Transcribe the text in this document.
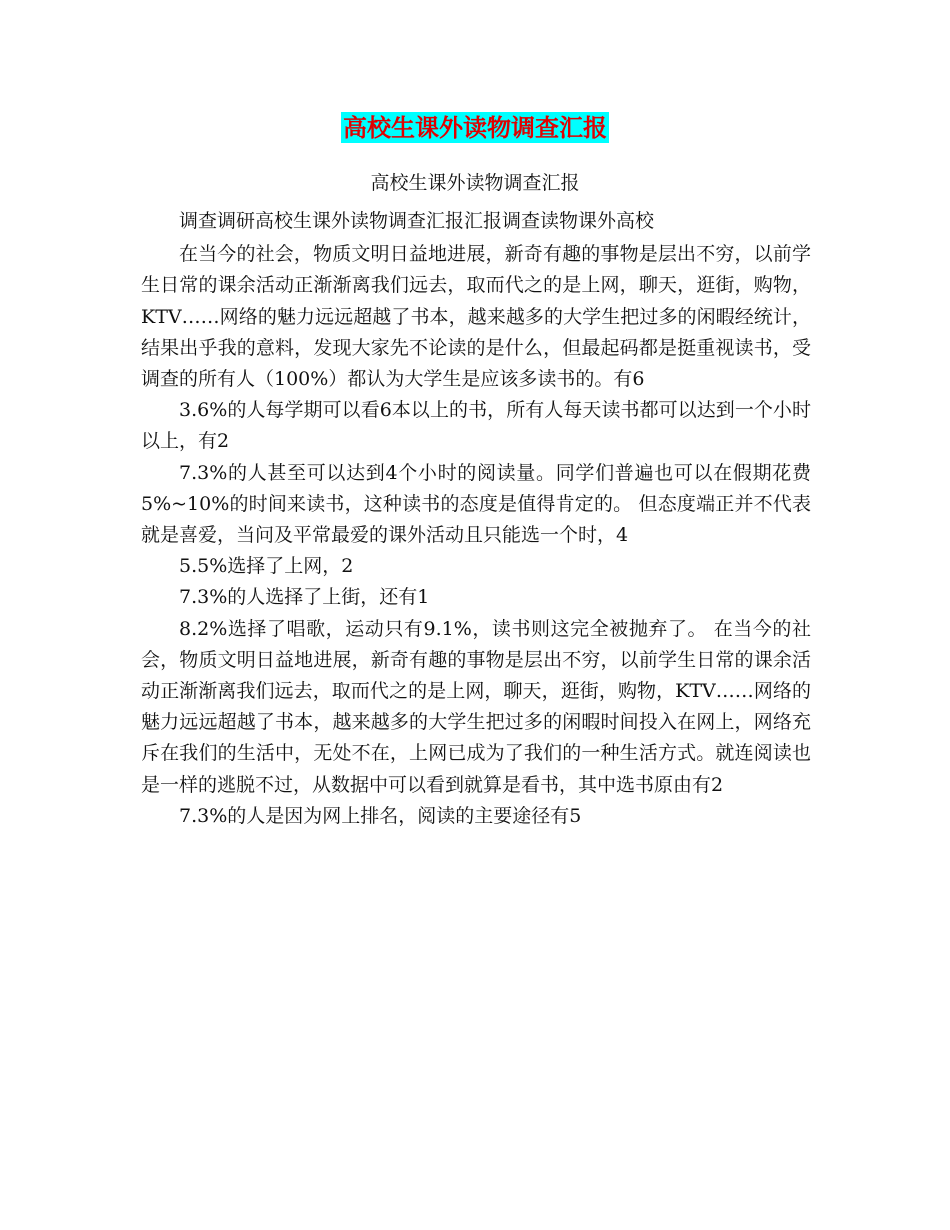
高校生课外读物调查汇报

高校生课外读物调查汇报

调查调研高校生课外读物调查汇报汇报调查读物课外高校

在当今的社会，物质文明日益地进展，新奇有趣的事物是层出不穷，以前学生日常的课余活动正渐渐离我们远去，取而代之的是上网，聊天，逛街，购物，KTV……网络的魅力远远超越了书本，越来越多的大学生把过多的闲暇经统计，结果出乎我的意料，发现大家先不论读的是什么，但最起码都是挺重视读书，受调查的所有人（100%）都认为大学生是应该多读书的。有6

3.6%的人每学期可以看6本以上的书，所有人每天读书都可以达到一个小时以上，有2

7.3%的人甚至可以达到4个小时的阅读量。同学们普遍也可以在假期花费5%~10%的时间来读书，这种读书的态度是值得肯定的。 但态度端正并不代表就是喜爱，当问及平常最爱的课外活动且只能选一个时，4

5.5%选择了上网，2

7.3%的人选择了上街，还有1

8.2%选择了唱歌，运动只有9.1%，读书则这完全被抛弃了。 在当今的社会，物质文明日益地进展，新奇有趣的事物是层出不穷，以前学生日常的课余活动正渐渐离我们远去，取而代之的是上网，聊天，逛街，购物，KTV……网络的魅力远远超越了书本，越来越多的大学生把过多的闲暇时间投入在网上，网络充斥在我们的生活中，无处不在，上网已成为了我们的一种生活方式。就连阅读也是一样的逃脱不过，从数据中可以看到就算是看书，其中选书原由有2

7.3%的人是因为网上排名，阅读的主要途径有5
